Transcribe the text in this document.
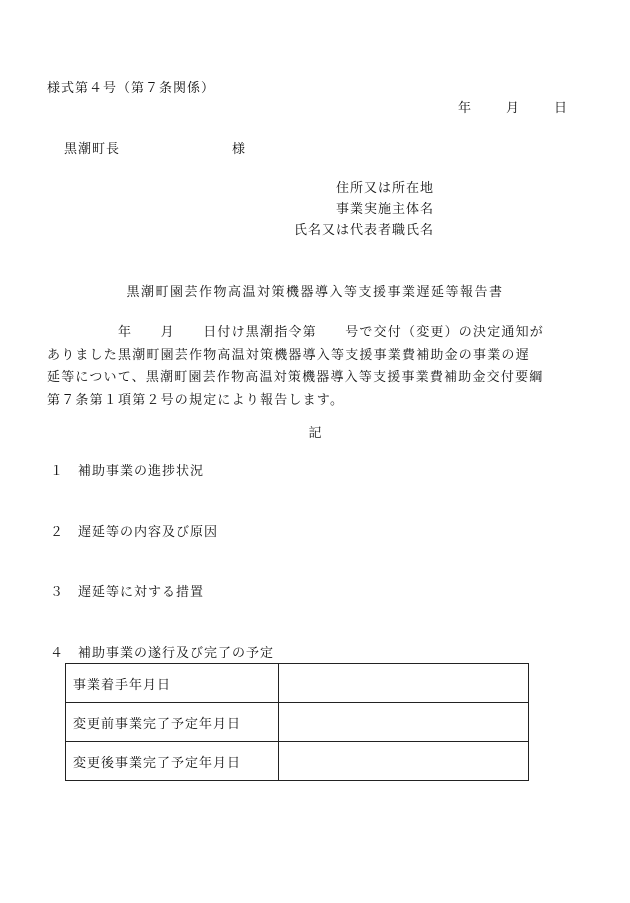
様式第４号（第７条関係）
年	月	日
黒潮町長	様
住所又は所在地
事業実施主体名
氏名又は代表者職氏名
黒潮町園芸作物高温対策機器導入等支援事業遅延等報告書
　　　　　年　　月　　日付け黒潮指令第　　号で交付（変更）の決定通知が
ありました黒潮町園芸作物高温対策機器導入等支援事業費補助金の事業の遅
延等について、黒潮町園芸作物高温対策機器導入等支援事業費補助金交付要綱
第７条第１項第２号の規定により報告します。
記
１ 補助事業の進捗状況
２ 遅延等の内容及び原因
３ 遅延等に対する措置
４ 補助事業の遂行及び完了の予定
事業着手年月日	
変更前事業完了予定年月日	
変更後事業完了予定年月日	
